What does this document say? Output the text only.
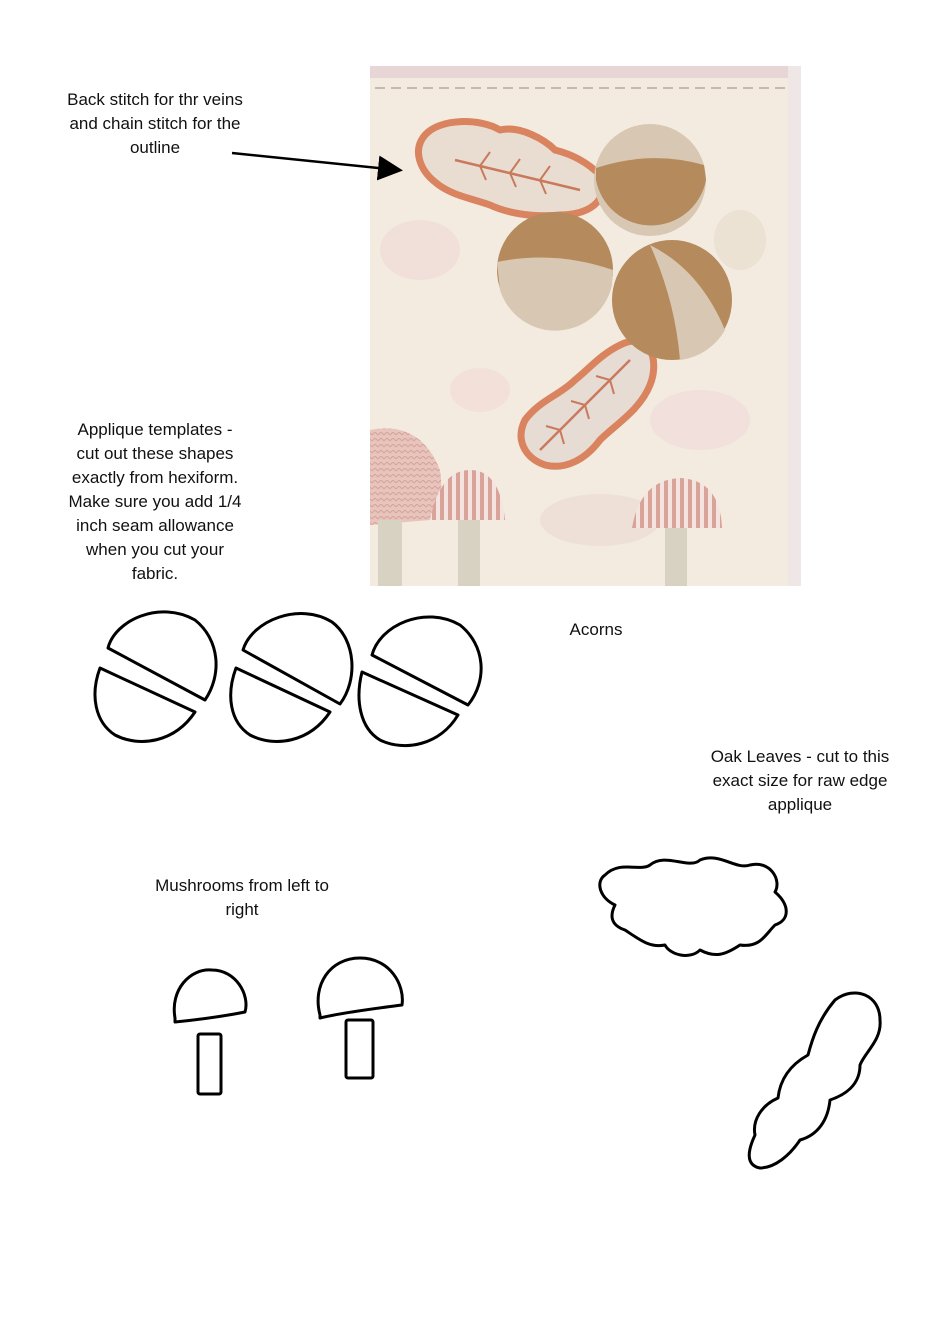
Back stitch for thr veins
and chain stitch for the
outline
Applique templates -
cut out these shapes
exactly from hexiform.
Make sure you add 1/4
inch seam allowance
when you cut your
fabric.
Acorns
Oak Leaves - cut to this
exact size for raw edge
applique
Mushrooms from left to
right
